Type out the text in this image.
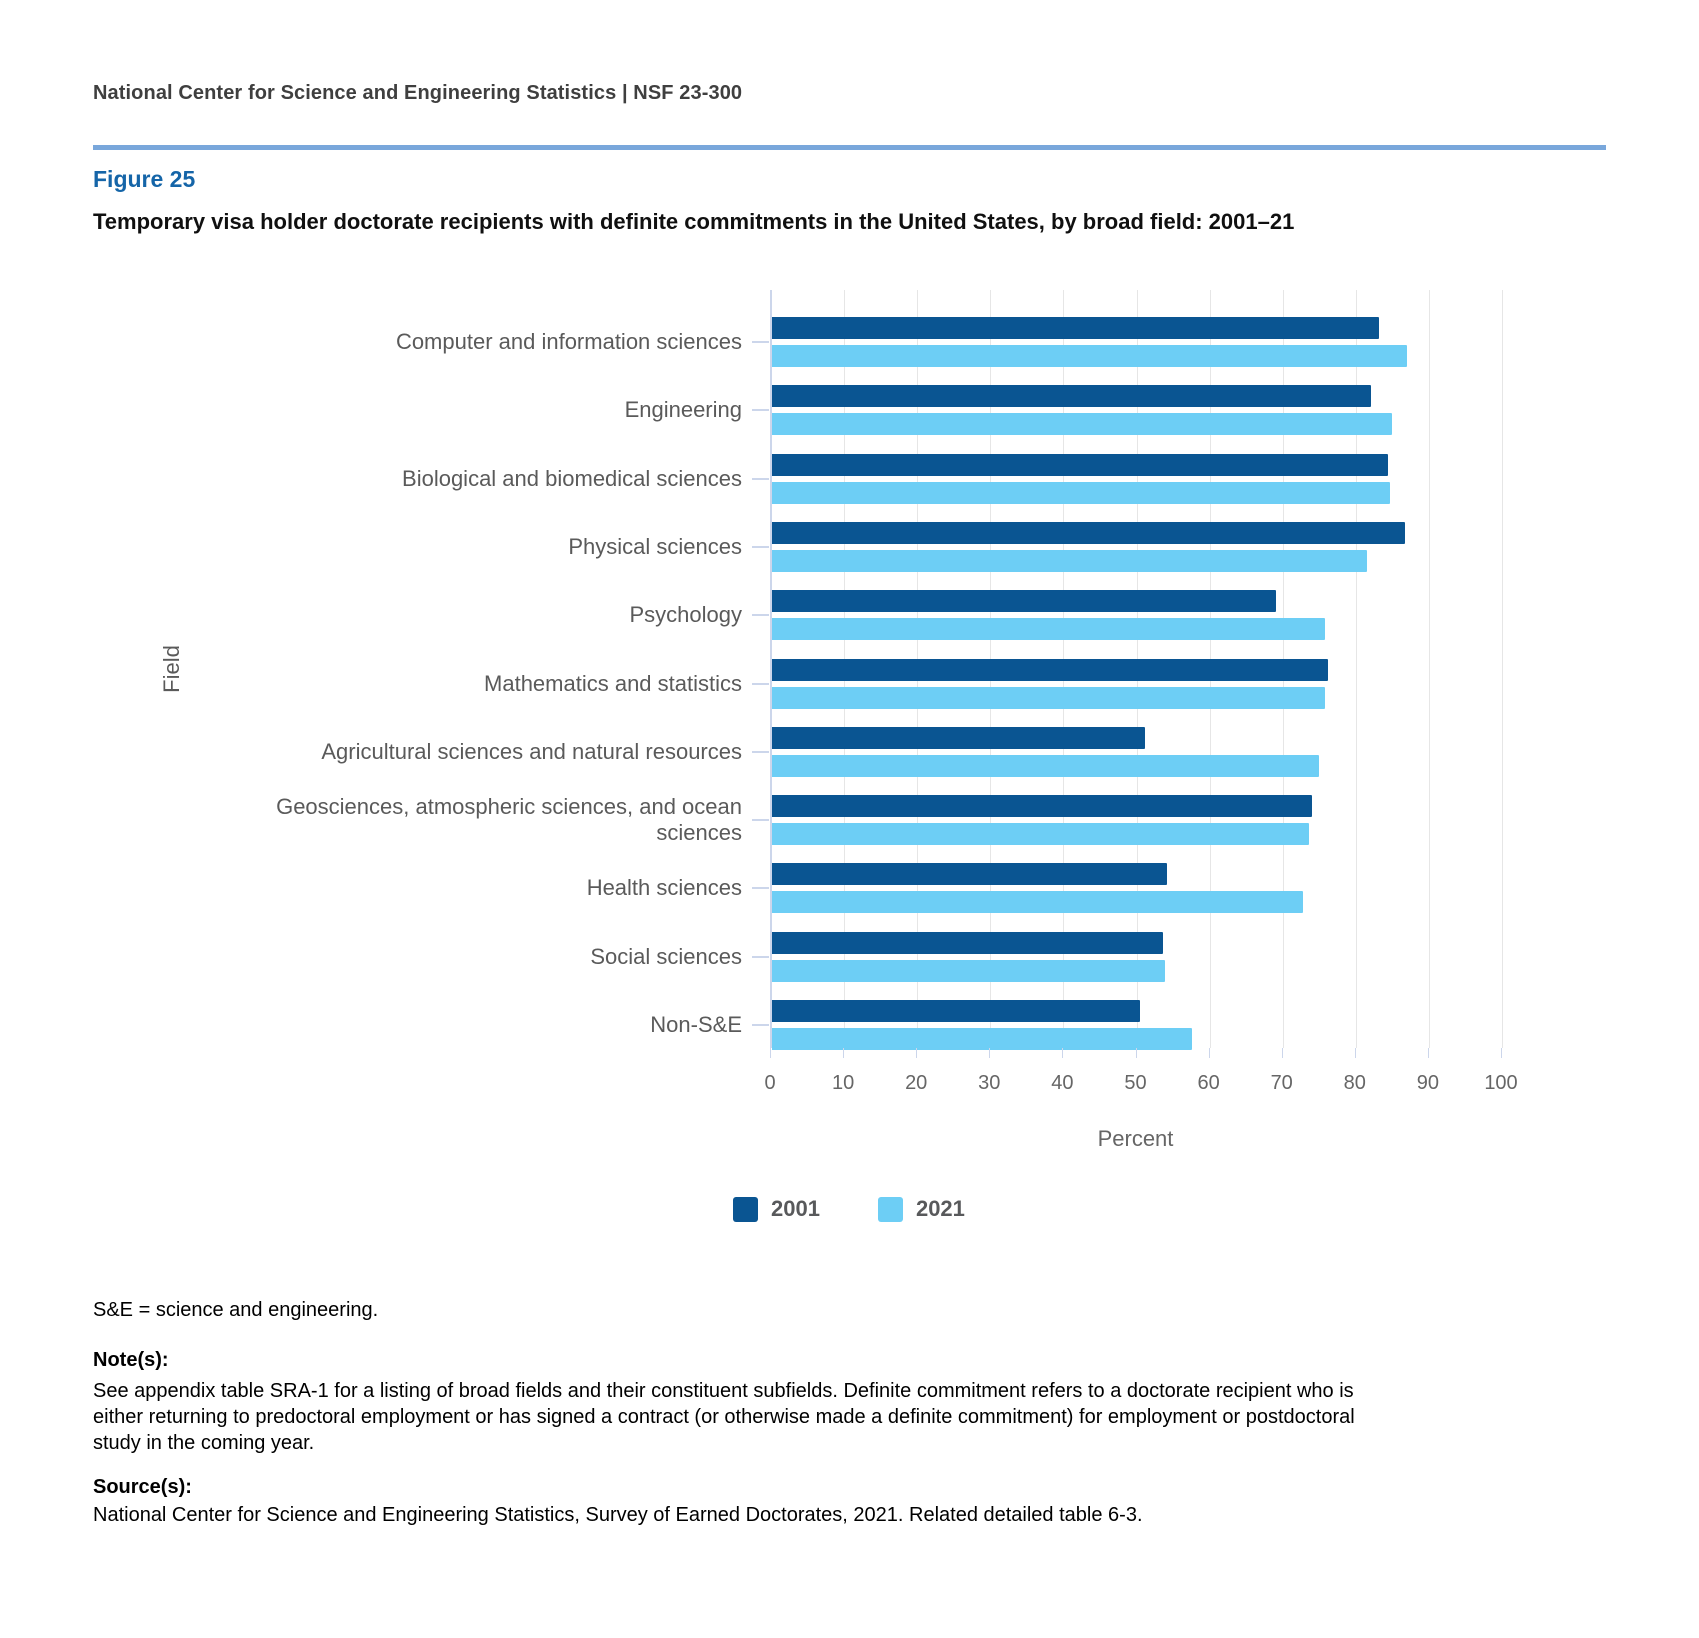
National Center for Science and Engineering Statistics | NSF 23-300
Figure 25
Temporary visa holder doctorate recipients with definite commitments in the United States, by broad field: 2001–21
Field
Computer and information sciences
Engineering
Biological and biomedical sciences
Physical sciences
Psychology
Mathematics and statistics
Agricultural sciences and natural resources
Geosciences, atmospheric sciences, and ocean sciences
Health sciences
Social sciences
Non-S&E
0	10	20	30	40	50	60	70	80	90	100
Percent
2001	2021
S&E = science and engineering.
Note(s):
See appendix table SRA-1 for a listing of broad fields and their constituent subfields. Definite commitment refers to a doctorate recipient who is
either returning to predoctoral employment or has signed a contract (or otherwise made a definite commitment) for employment or postdoctoral
study in the coming year.
Source(s):
National Center for Science and Engineering Statistics, Survey of Earned Doctorates, 2021. Related detailed table 6-3.
